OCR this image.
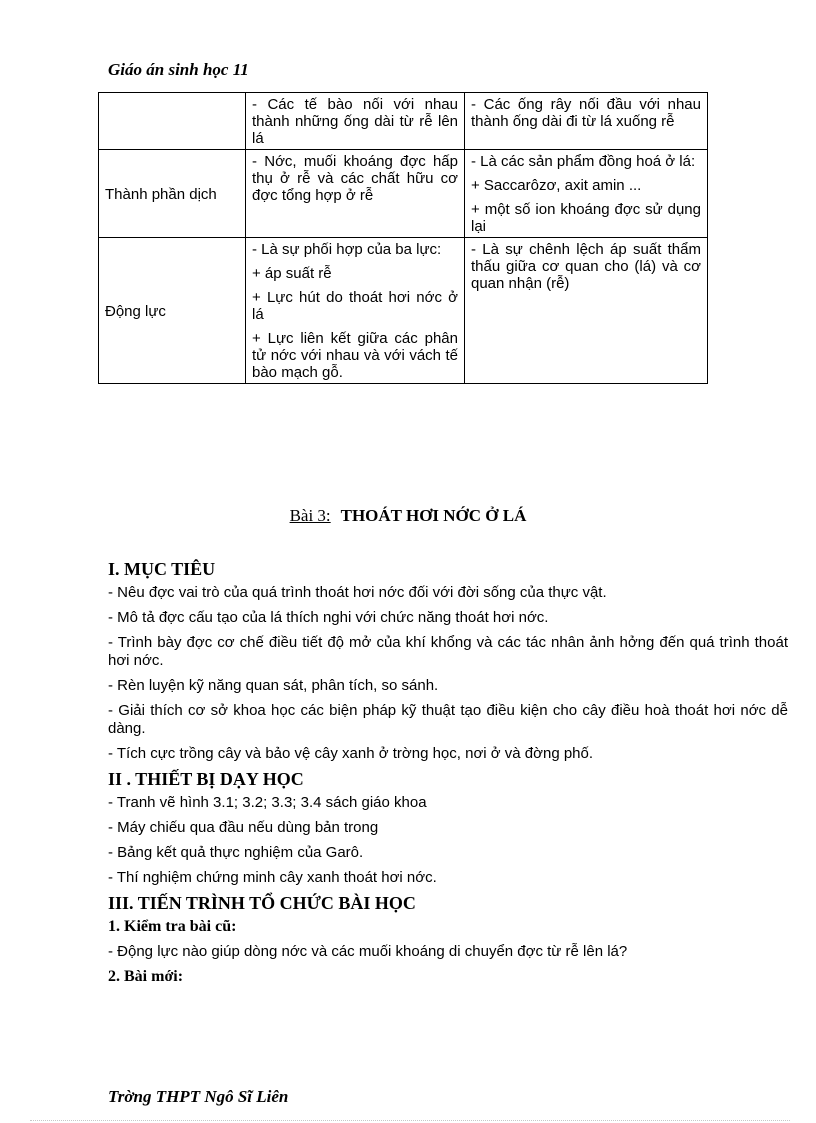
Giáo án sinh học 11

	- Các tế bào nối với nhau thành những ống dài từ rễ lên lá	- Các ống rây nối đầu với nhau thành ống dài đi từ lá xuống rễ

Thành phần dịch	- Nớc, muối khoáng đợc hấp thụ ở rễ và các chất hữu cơ đợc tổng hợp ở rễ	- Là các sản phẩm đồng hoá ở lá:

+ Saccarôzơ, axit amin ...

+ một số ion khoáng đợc sử dụng lại

Động lực	- Là sự phối hợp của ba lực:

+ áp suất rễ

+ Lực hút do thoát hơi nớc ở lá

+ Lực liên kết giữa các phân tử nớc với nhau và với vách tế bào mạch gỗ.	- Là sự chênh lệch áp suất thẩm thấu giữa cơ quan cho (lá) và cơ quan nhận (rễ)

Bài 3: THOÁT HƠI NỚC Ở LÁ
I. MỤC TIÊU

- Nêu đợc vai trò của quá trình thoát hơi nớc đối với đời sống của thực vật.

- Mô tả đợc cấu tạo của lá thích nghi với chức năng thoát hơi nớc.

- Trình bày đợc cơ chế điều tiết độ mở của khí khổng và các tác nhân ảnh hởng đến quá trình thoát hơi nớc.

- Rèn luyện kỹ năng quan sát, phân tích, so sánh.

- Giải thích cơ sở khoa học các biện pháp kỹ thuật tạo điều kiện cho cây điều hoà thoát hơi nớc dễ dàng.

- Tích cực trồng cây và bảo vệ cây xanh ở trờng học, nơi ở và đờng phố.

II . THIẾT BỊ DẠY HỌC

- Tranh vẽ hình 3.1; 3.2; 3.3; 3.4 sách giáo khoa

- Máy chiếu qua đầu nếu dùng bản trong

- Bảng kết quả thực nghiệm của Garô.

- Thí nghiệm chứng minh cây xanh thoát hơi nớc.

III. TIẾN TRÌNH TỔ CHỨC BÀI HỌC

1. Kiểm tra bài cũ:

- Động lực nào giúp dòng nớc và các muối khoáng di chuyển đợc từ rễ lên lá?

2. Bài mới:

Trờng THPT Ngô Sĩ Liên
